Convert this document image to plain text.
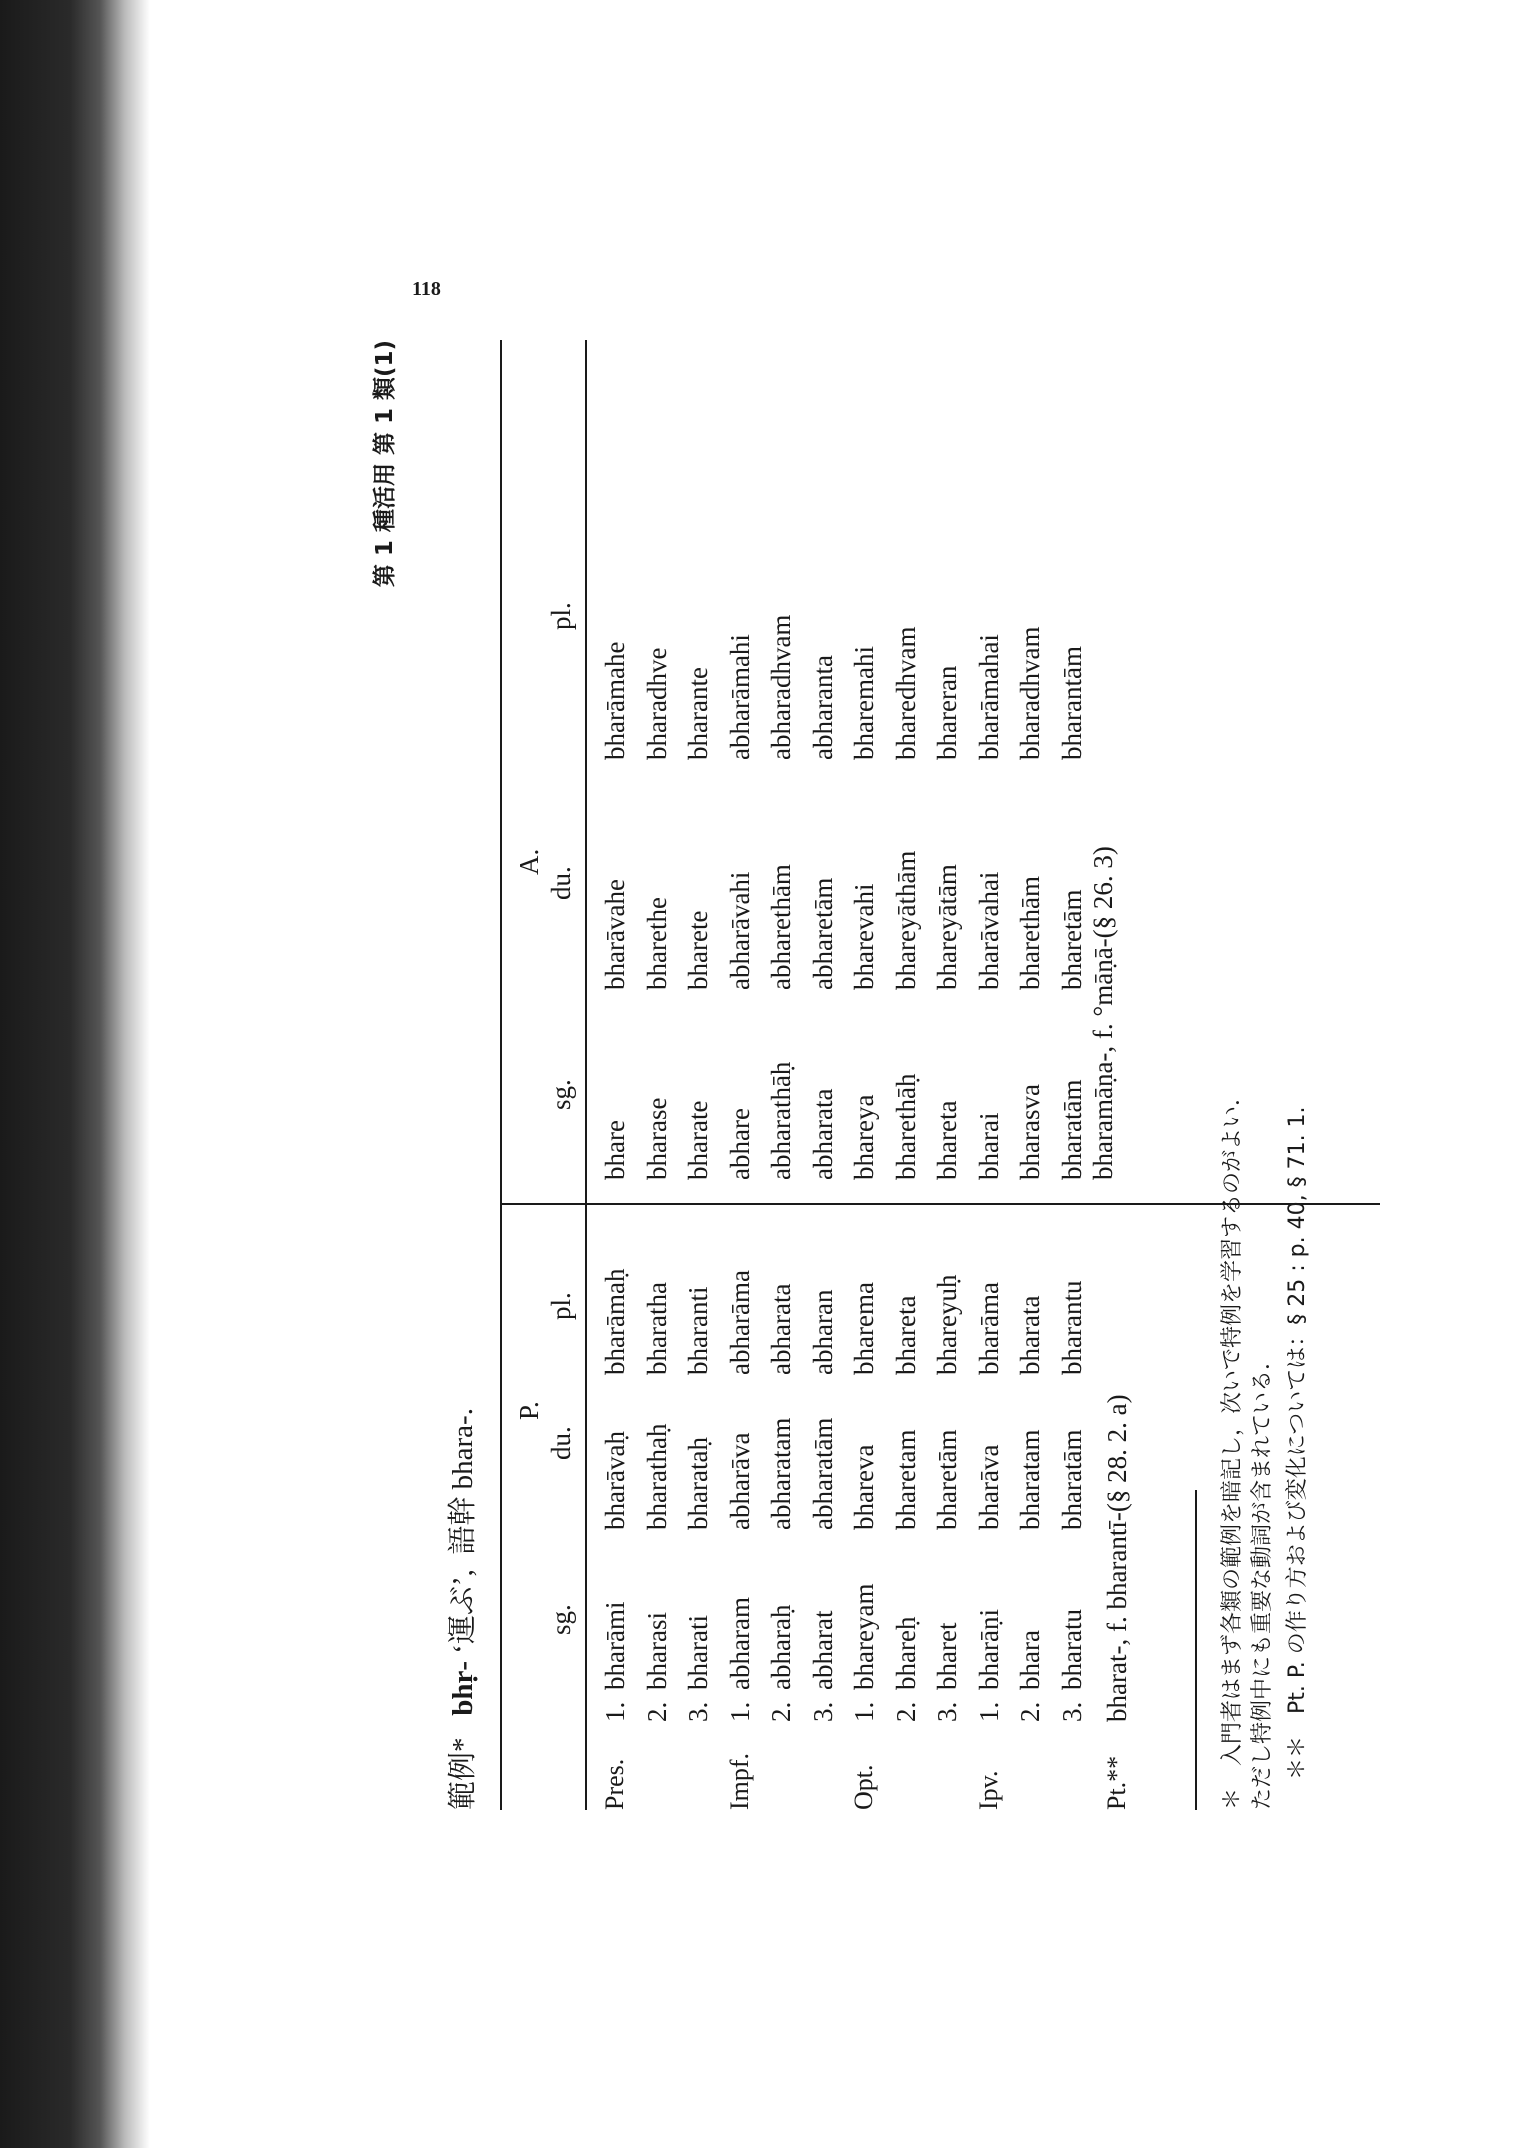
118
第 1 種活用 第 1 類(1)
範例*   bhṛ- ‘運ぶ’,  語幹 bhara-. P.
A.
sg.
du.
pl.
sg.
du.
pl.
Pres.
1.
bharāmi
bharāvaḥ
bharāmaḥ
bhare
bharāvahe
bharāmahe
2.
bharasi
bharathaḥ
bharatha
bharase
bharethe
bharadhve
3.
bharati
bharataḥ
bharanti
bharate
bharete
bharante
Impf.
1.
abharam
abharāva
abharāma
abhare
abharāvahi
abharāmahi
2.
abharaḥ
abharatam
abharata
abharathāḥ
abharethām
abharadhvam
3.
abharat
abharatām
abharan
abharata
abharetām
abharanta
Opt.
1.
bhareyam
bhareva
bharema
bhareya
bharevahi
bharemahi
2.
bhareḥ
bharetam
bhareta
bharethāḥ
bhareyāthām
bharedhvam
3.
bharet
bharetām
bhareyuḥ
bhareta
bhareyātām
bhareran
Ipv.
1.
bharāṇi
bharāva
bharāma
bharai
bharāvahai
bharāmahai
2.
bhara
bharatam
bharata
bharasva
bharethām
bharadhvam
3.
bharatu
bharatām
bharantu
bharatām
bharetām
bharantām
Pt.**
bharat-, f. bharantī-(§ 28. 2. a)
bharamāṇa-, f. °māṇā-(§ 26. 3)
＊　入門者はまず各類の範例を暗記し，次いで特例を学習するのがよい． ただし特例中にも重要な動詞が含まれている． ＊＊　Pt. P. の作り方および変化については：§ 25 : p. 40, § 71. 1.
